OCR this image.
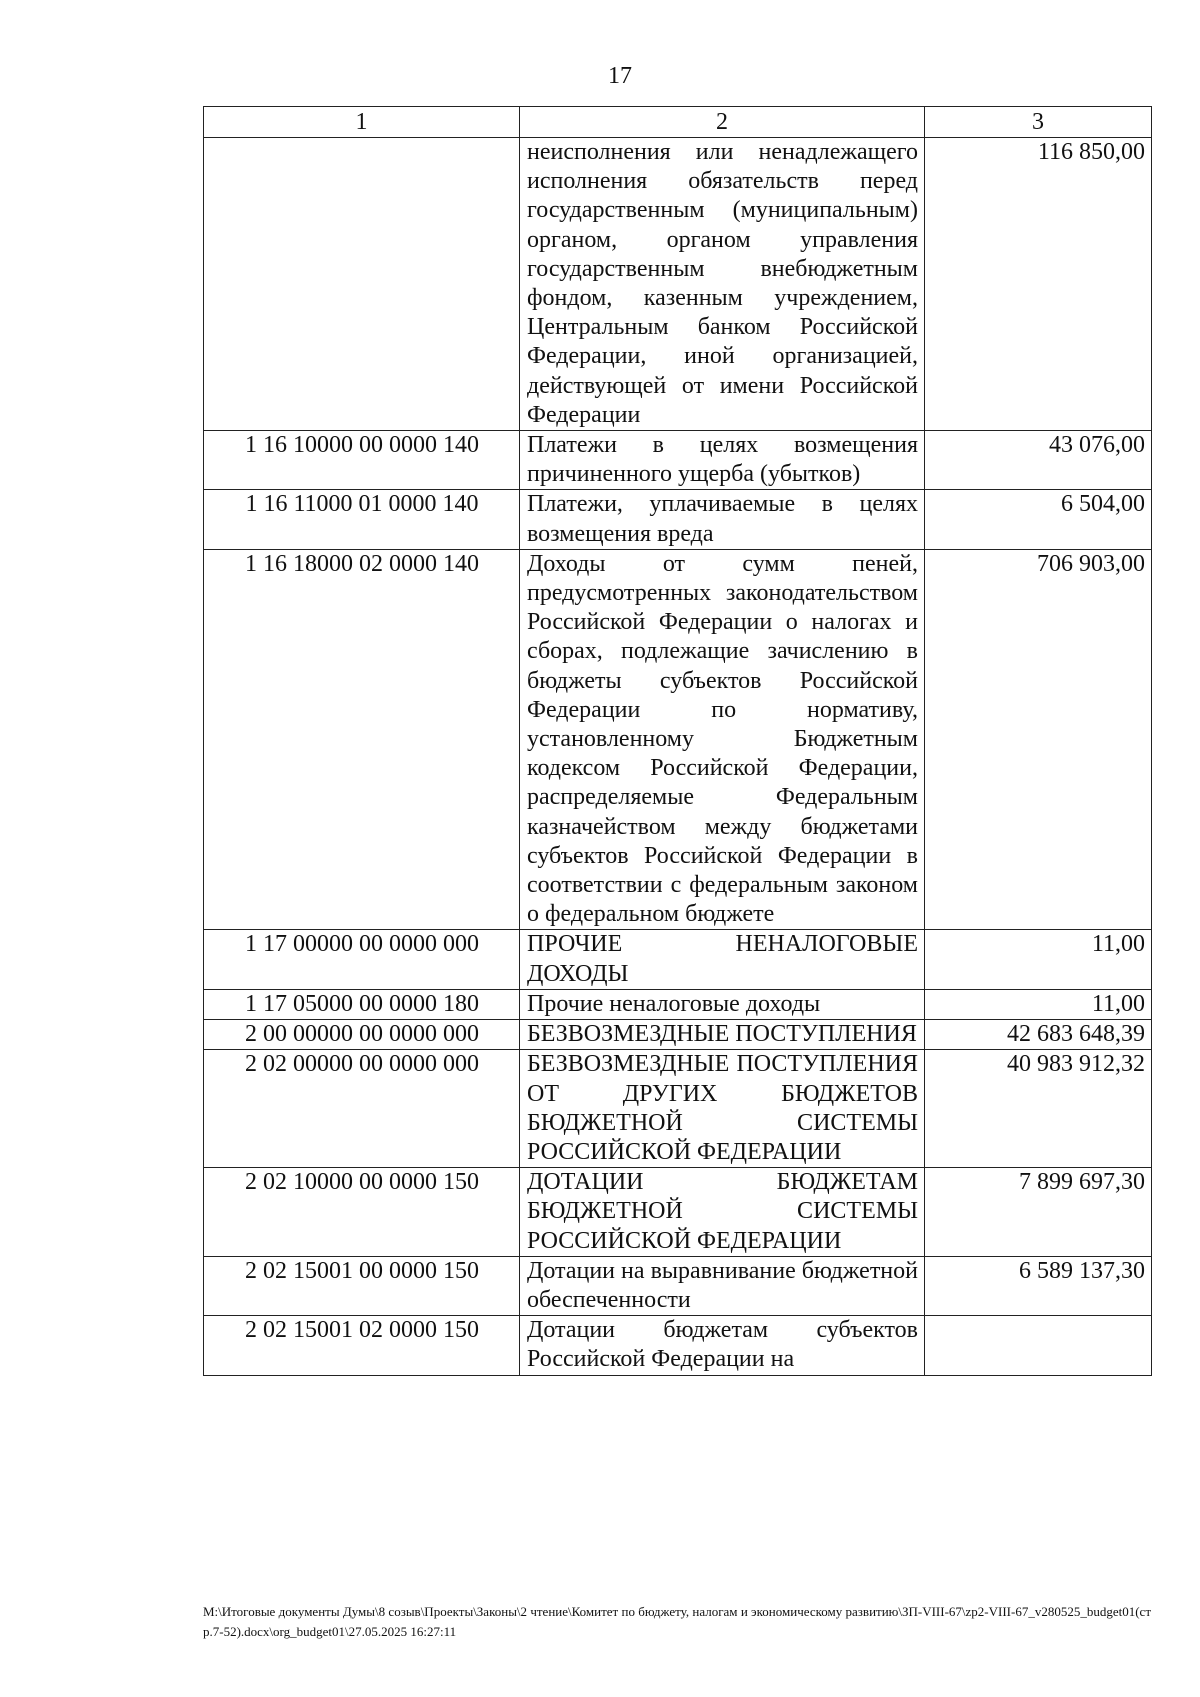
17
1	2	3
	неисполнения или ненадлежащего исполнения обязательств перед государственным (муниципальным) органом, органом управления государственным внебюджетным фондом, казенным учреждением, Центральным банком Российской Федерации, иной организацией, действующей от имени Российской Федерации	116 850,00
1 16 10000 00 0000 140	Платежи в целях возмещения причиненного ущерба (убытков)	43 076,00
1 16 11000 01 0000 140	Платежи, уплачиваемые в целях возмещения вреда	6 504,00
1 16 18000 02 0000 140	Доходы от сумм пеней, предусмотренных законодательством Российской Федерации о налогах и сборах, подлежащие зачислению в бюджеты субъектов Российской Федерации по нормативу, установленному Бюджетным кодексом Российской Федерации, распределяемые Федеральным казначейством между бюджетами субъектов Российской Федерации в соответствии с федеральным законом о федеральном бюджете	706 903,00
1 17 00000 00 0000 000	ПРОЧИЕ НЕНАЛОГОВЫЕ ДОХОДЫ	11,00
1 17 05000 00 0000 180	Прочие неналоговые доходы	11,00
2 00 00000 00 0000 000	БЕЗВОЗМЕЗДНЫЕ ПОСТУПЛЕНИЯ	42 683 648,39
2 02 00000 00 0000 000	БЕЗВОЗМЕЗДНЫЕ ПОСТУПЛЕНИЯ ОТ ДРУГИХ БЮДЖЕТОВ БЮДЖЕТНОЙ СИСТЕМЫ РОССИЙСКОЙ ФЕДЕРАЦИИ	40 983 912,32
2 02 10000 00 0000 150	ДОТАЦИИ БЮДЖЕТАМ БЮДЖЕТНОЙ СИСТЕМЫ РОССИЙСКОЙ ФЕДЕРАЦИИ	7 899 697,30
2 02 15001 00 0000 150	Дотации на выравнивание бюджетной обеспеченности	6 589 137,30
2 02 15001 02 0000 150	Дотации бюджетам субъектов Российской Федерации на	
М:\Итоговые документы Думы\8 созыв\Проекты\Законы\2 чтение\Комитет по бюджету, налогам и экономическому развитию\ЗП-VIII-67\zp2-VIII-67_v280525_budget01(стр.7-52).docx\org_budget01\27.05.2025 16:27:11
